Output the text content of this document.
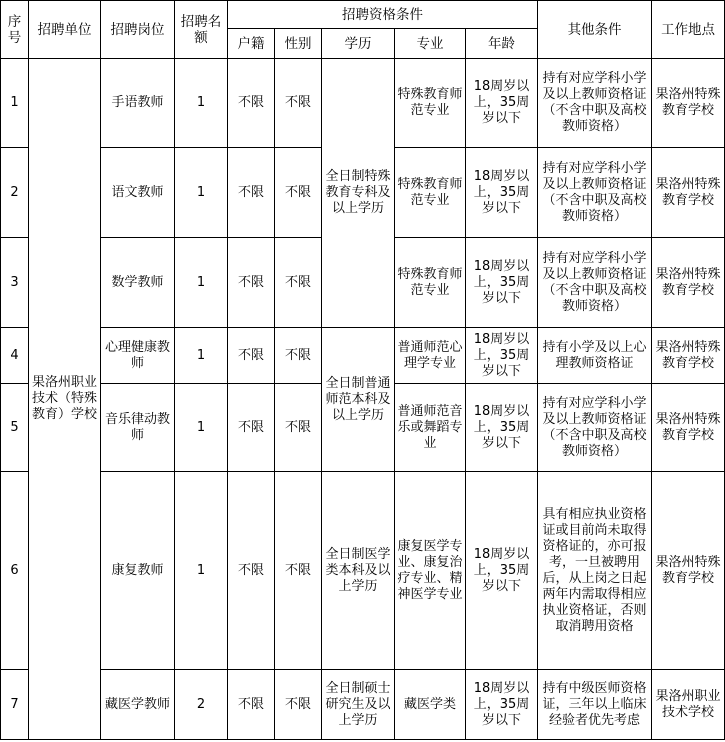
序号	招聘单位	招聘岗位	招聘名额	招聘资格条件					其他条件	工作地点
				户籍	性别	学历	专业	年龄		
1	果洛州职业技术（特殊教育）学校	手语教师	1	不限	不限	全日制特殊教育专科及以上学历	特殊教育师范专业	18周岁以上，35周岁以下	持有对应学科小学及以上教师资格证（不含中职及高校教师资格）	果洛州特殊教育学校
2		语文教师	1	不限	不限		特殊教育师范专业	18周岁以上，35周岁以下	持有对应学科小学及以上教师资格证（不含中职及高校教师资格）	果洛州特殊教育学校
3		数学教师	1	不限	不限		特殊教育师范专业	18周岁以上，35周岁以下	持有对应学科小学及以上教师资格证（不含中职及高校教师资格）	果洛州特殊教育学校
4		心理健康教师	1	不限	不限	全日制普通师范本科及以上学历	普通师范心理学专业	18周岁以上，35周岁以下	持有小学及以上心理教师资格证	果洛州特殊教育学校
5		音乐律动教师	1	不限	不限		普通师范音乐或舞蹈专业	18周岁以上，35周岁以下	持有对应学科小学及以上教师资格证（不含中职及高校教师资格）	果洛州特殊教育学校
6		康复教师	1	不限	不限	全日制医学类本科及以上学历	康复医学专业、康复治疗专业、精神医学专业	18周岁以上，35周岁以下	具有相应执业资格证或目前尚未取得资格证的，亦可报考，一旦被聘用后，从上岗之日起两年内需取得相应执业资格证，否则取消聘用资格	果洛州特殊教育学校
7		藏医学教师	2	不限	不限	全日制硕士研究生及以上学历	藏医学类	18周岁以上，35周岁以下	持有中级医师资格证，三年以上临床经验者优先考虑	果洛州职业技术学校
